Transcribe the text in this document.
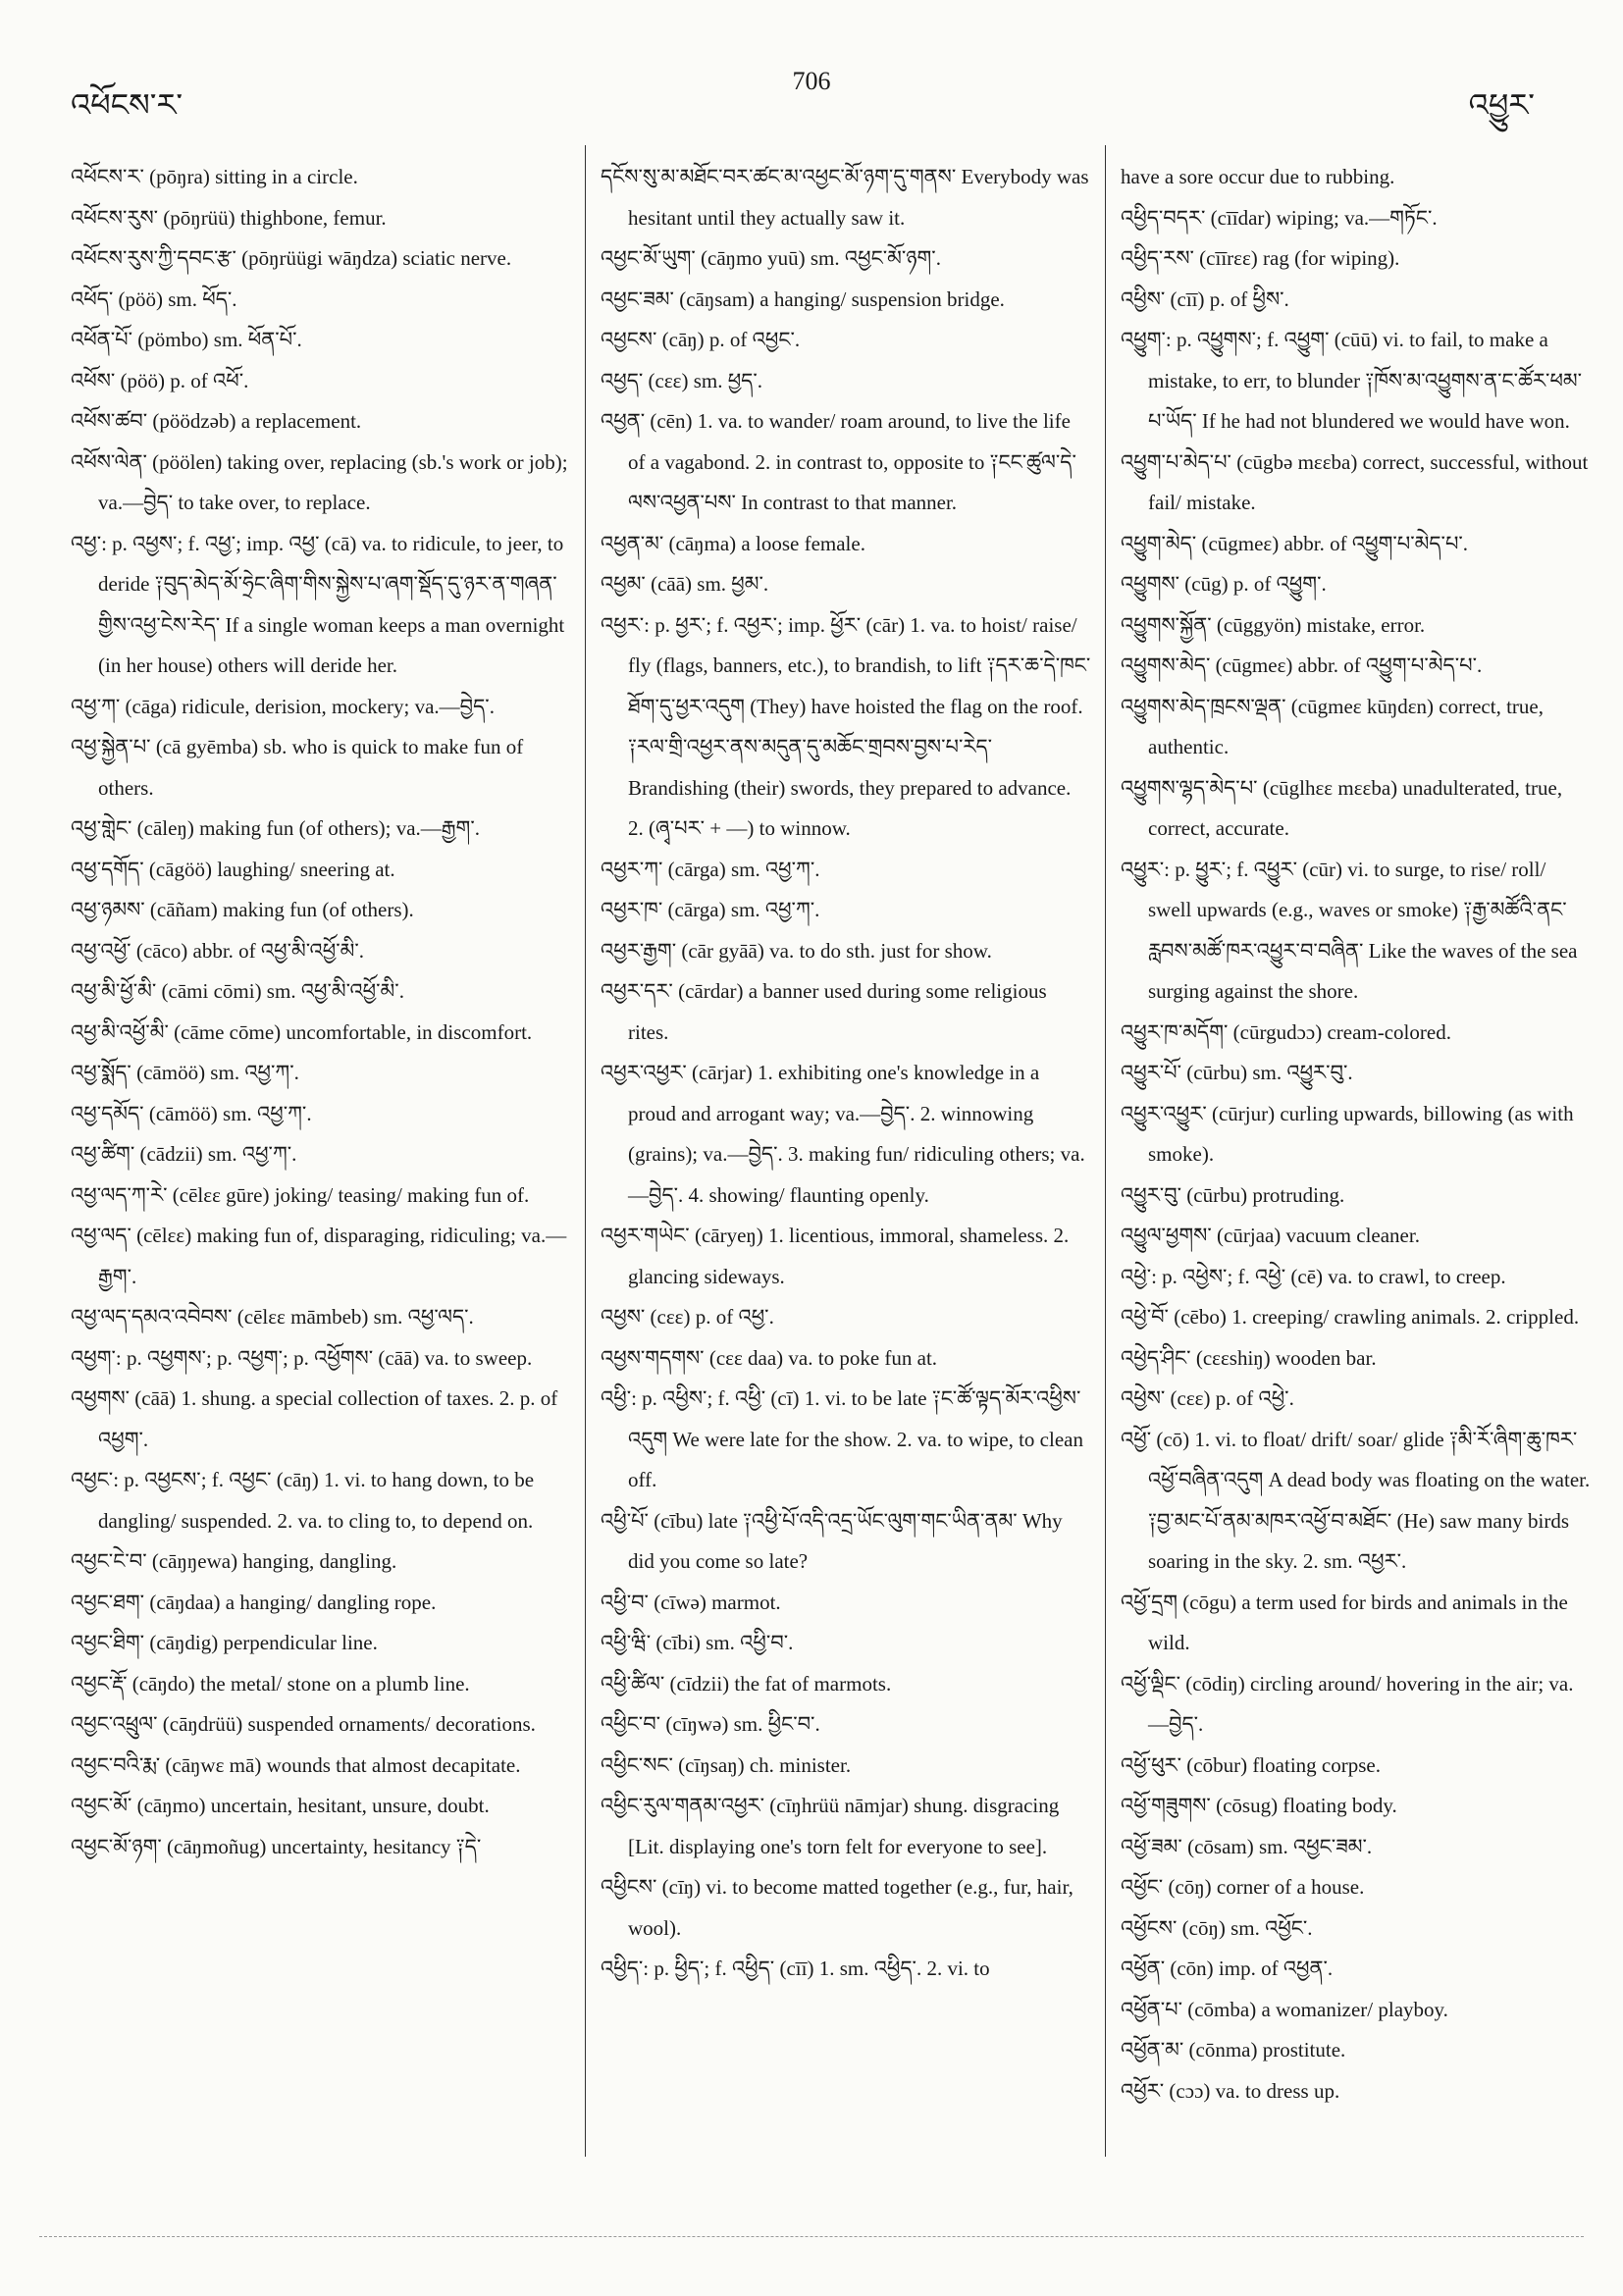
འཕོངས་ར་
706
འཕྱུར་
འཕོངས་ར་ (pōŋra) sitting in a circle.
འཕོངས་རུས་ (pōŋrüü) thighbone, femur.
འཕོངས་རུས་ཀྱི་དབང་རྩ་ (pōŋrüügi wāŋdza) sciatic nerve.
འཕོད་ (pöö) sm. ཕོད་.
འཕོན་པོ་ (pömbo) sm. ཕོན་པོ་.
འཕོས་ (pöö) p. of འཕོ་.
འཕོས་ཚབ་ (pöödzəb) a replacement.
འཕོས་ལེན་ (pöölen) taking over, replacing (sb.'s work or job); va.—བྱེད་ to take over, to replace.
འཕྱ་: p. འཕྱས་; f. འཕྱ་; imp. འཕྱ་ (cā) va. to ridicule, to jeer, to deride ༑བུད་མེད་མོ་ཧྲེང་ཞིག་གིས་སྐྱེས་པ་ཞག་སྡོད་དུ་ཉར་ན་གཞན་གྱིས་འཕྱ་ངེས་རེད་ If a single woman keeps a man overnight (in her house) others will deride her.
འཕྱ་ཀ་ (cāga) ridicule, derision, mockery; va.—བྱེད་.
འཕྱ་སྐྱེན་པ་ (cā gyēmba) sb. who is quick to make fun of others.
འཕྱ་གླེང་ (cāleŋ) making fun (of others); va.—རྒྱག་.
འཕྱ་དགོད་ (cāgöö) laughing/ sneering at.
འཕྱ་ཉམས་ (cāñam) making fun (of others).
འཕྱ་འཕྱོ་ (cāco) abbr. of འཕྱ་མི་འཕྱོ་མི་.
འཕྱ་མི་ཕྱོ་མི་ (cāmi cōmi) sm. འཕྱ་མི་འཕྱོ་མི་.
འཕྱ་མི་འཕྱོ་མི་ (cāme cōme) uncomfortable, in discomfort.
འཕྱ་སྨོད་ (cāmöö) sm. འཕྱ་ཀ་.
འཕྱ་དམོད་ (cāmöö) sm. འཕྱ་ཀ་.
འཕྱ་ཚིག་ (cādzii) sm. འཕྱ་ཀ་.
འཕྱ་ལད་ཀ་རེ་ (cēlεε gūre) joking/ teasing/ making fun of.
འཕྱ་ལད་ (cēlεε) making fun of, disparaging, ridiculing; va.—རྒྱག་.
འཕྱ་ལད་དམའ་འབེབས་ (cēlεε māmbeb) sm. འཕྱ་ལད་.
འཕྱག་: p. འཕྱགས་; p. འཕྱག་; p. འཕྱོགས་ (cāā) va. to sweep.
འཕྱགས་ (cāā) 1. shung. a special collection of taxes. 2. p. of འཕྱག་.
འཕྱང་: p. འཕྱངས་; f. འཕྱང་ (cāŋ) 1. vi. to hang down, to be dangling/ suspended. 2. va. to cling to, to depend on.
འཕྱང་ངེ་བ་ (cāŋŋewa) hanging, dangling.
འཕྱང་ཐག་ (cāŋdaa) a hanging/ dangling rope.
འཕྱང་ཐིག་ (cāŋdig) perpendicular line.
འཕྱང་རྡོ་ (cāŋdo) the metal/ stone on a plumb line.
འཕྱང་འཕྲུལ་ (cāŋdrüü) suspended ornaments/ decorations.
འཕྱང་བའི་རྨ་ (cāŋwε mā) wounds that almost decapitate.
འཕྱང་མོ་ (cāŋmo) uncertain, hesitant, unsure, doubt.
འཕྱང་མོ་ཉག་ (cāŋmoñug) uncertainty, hesitancy ༑དེ་
དངོས་སུ་མ་མཐོང་བར་ཚང་མ་འཕྱང་མོ་ཉག་དུ་གནས་ Everybody was hesitant until they actually saw it.
འཕྱང་མོ་ཡུག་ (cāŋmo yuū) sm. འཕྱང་མོ་ཉག་.
འཕྱང་ཟམ་ (cāŋsam) a hanging/ suspension bridge.
འཕྱངས་ (cāŋ) p. of འཕྱང་.
འཕྱད་ (cεε) sm. ཕྱད་.
འཕྱན་ (cēn) 1. va. to wander/ roam around, to live the life of a vagabond. 2. in contrast to, opposite to ༑ངང་ཚུལ་དེ་ལས་འཕྱན་པས་ In contrast to that manner.
འཕྱན་མ་ (cāŋma) a loose female.
འཕྱམ་ (cāā) sm. ཕྱམ་.
འཕྱར་: p. ཕྱར་; f. འཕྱར་; imp. ཕྱོར་ (cār) 1. va. to hoist/ raise/ fly (flags, banners, etc.), to brandish, to lift ༑དར་ཆ་དེ་ཁང་ཐོག་དུ་ཕྱར་འདུག (They) have hoisted the flag on the roof. ༑རལ་གྲི་འཕྱར་ནས་མདུན་དུ་མཆོང་གྲབས་བྱས་པ་རེད་ Brandishing (their) swords, they prepared to advance. 2. (ཞྭ་པར་ + —) to winnow.
འཕྱར་ཀ་ (cārga) sm. འཕྱ་ཀ་.
འཕྱར་ཁ་ (cārga) sm. འཕྱ་ཀ་.
འཕྱར་རྒྱག་ (cār gyāā) va. to do sth. just for show.
འཕྱར་དར་ (cārdar) a banner used during some religious rites.
འཕྱར་འཕྱར་ (cārjar) 1. exhibiting one's knowledge in a proud and arrogant way; va.—བྱེད་. 2. winnowing (grains); va.—བྱེད་. 3. making fun/ ridiculing others; va.—བྱེད་. 4. showing/ flaunting openly.
འཕྱར་གཡེང་ (cāryeŋ) 1. licentious, immoral, shameless. 2. glancing sideways.
འཕྱས་ (cεε) p. of འཕྱ་.
འཕྱས་གདགས་ (cεε daa) va. to poke fun at.
འཕྱི་: p. འཕྱིས་; f. འཕྱི་ (cī) 1. vi. to be late ༑ང་ཚོ་ལྟད་མོར་འཕྱིས་འདུག We were late for the show. 2. va. to wipe, to clean off.
འཕྱི་པོ་ (cību) late ༑འཕྱི་པོ་འདི་འདྲ་ཡོང་ལུག་གང་ཡིན་ནམ་ Why did you come so late?
འཕྱི་བ་ (cīwə) marmot.
འཕྱི་ཝི་ (cībi) sm. འཕྱི་བ་.
འཕྱི་ཚིལ་ (cīdzii) the fat of marmots.
འཕྱིང་བ་ (cīŋwə) sm. ཕྱིང་བ་.
འཕྱིང་སང་ (cīŋsaŋ) ch. minister.
འཕྱིང་རུལ་གནམ་འཕྱར་ (cīŋhrüü nāmjar) shung. disgracing [Lit. displaying one's torn felt for everyone to see].
འཕྱིངས་ (cīŋ) vi. to become matted together (e.g., fur, hair, wool).
འཕྱིད་: p. ཕྱིད་; f. འཕྱིད་ (cīī) 1. sm. འཕྱིད་. 2. vi. to
have a sore occur due to rubbing.
འཕྱིད་བདར་ (cīīdar) wiping; va.—གཏོང་.
འཕྱིད་རས་ (cīīrεε) rag (for wiping).
འཕྱིས་ (cīī) p. of ཕྱིས་.
འཕྱུག་: p. འཕྱུགས་; f. འཕྱུག་ (cūū) vi. to fail, to make a mistake, to err, to blunder ༑ཁོས་མ་འཕྱུགས་ན་ང་ཚོར་ཕམ་པ་ཡོད་ If he had not blundered we would have won.
འཕྱུག་པ་མེད་པ་ (cūgbə mεεba) correct, successful, without fail/ mistake.
འཕྱུག་མེད་ (cūgmeε) abbr. of འཕྱུག་པ་མེད་པ་.
འཕྱུགས་ (cūg) p. of འཕྱུག་.
འཕྱུགས་སྐྱོན་ (cūggyön) mistake, error.
འཕྱུགས་མེད་ (cūgmeε) abbr. of འཕྱུག་པ་མེད་པ་.
འཕྱུགས་མེད་ཁྲངས་ལྡན་ (cūgmeε kūŋdεn) correct, true, authentic.
འཕྱུགས་ལྷད་མེད་པ་ (cūglhεε mεεba) unadulterated, true, correct, accurate.
འཕྱུར་: p. ཕྱུར་; f. འཕྱུར་ (cūr) vi. to surge, to rise/ roll/ swell upwards (e.g., waves or smoke) ༑རྒྱ་མཚོའི་ནང་རླབས་མཚོ་ཁར་འཕྱུར་བ་བཞིན་ Like the waves of the sea surging against the shore.
འཕྱུར་ཁ་མདོག་ (cūrgudɔɔ) cream-colored.
འཕྱུར་པོ་ (cūrbu) sm. འཕྱུར་བུ་.
འཕྱུར་འཕྱུར་ (cūrjur) curling upwards, billowing (as with smoke).
འཕྱུར་བུ་ (cūrbu) protruding.
འཕྱུལ་ཕྱགས་ (cūrjaa) vacuum cleaner.
འཕྱེ་: p. འཕྱེས་; f. འཕྱེ་ (cē) va. to crawl, to creep.
འཕྱེ་བོ་ (cēbo) 1. creeping/ crawling animals. 2. crippled.
འཕྱེད་ཤིང་ (cεεshiŋ) wooden bar.
འཕྱེས་ (cεε) p. of འཕྱེ་.
འཕྱོ་ (cō) 1. vi. to float/ drift/ soar/ glide ༑མི་རོ་ཞིག་ཆུ་ཁར་འཕྱོ་བཞིན་འདུག A dead body was floating on the water. ༑བྱ་མང་པོ་ནམ་མཁར་འཕྱོ་བ་མཐོང་ (He) saw many birds soaring in the sky. 2. sm. འཕྱར་.
འཕྱོ་དྲག (cōgu) a term used for birds and animals in the wild.
འཕྱོ་ལྡིང་ (cōdiŋ) circling around/ hovering in the air; va.—བྱེད་.
འཕྱོ་ཕུར་ (cōbur) floating corpse.
འཕྱོ་གཟུགས་ (cōsug) floating body.
འཕྱོ་ཟམ་ (cōsam) sm. འཕྱང་ཟམ་.
འཕྱོང་ (cōŋ) corner of a house.
འཕྱོངས་ (cōŋ) sm. འཕྱོང་.
འཕྱོན་ (cōn) imp. of འཕྱན་.
འཕྱོན་པ་ (cōmba) a womanizer/ playboy.
འཕྱོན་མ་ (cōnma) prostitute.
འཕྱོར་ (cɔɔ) va. to dress up.
